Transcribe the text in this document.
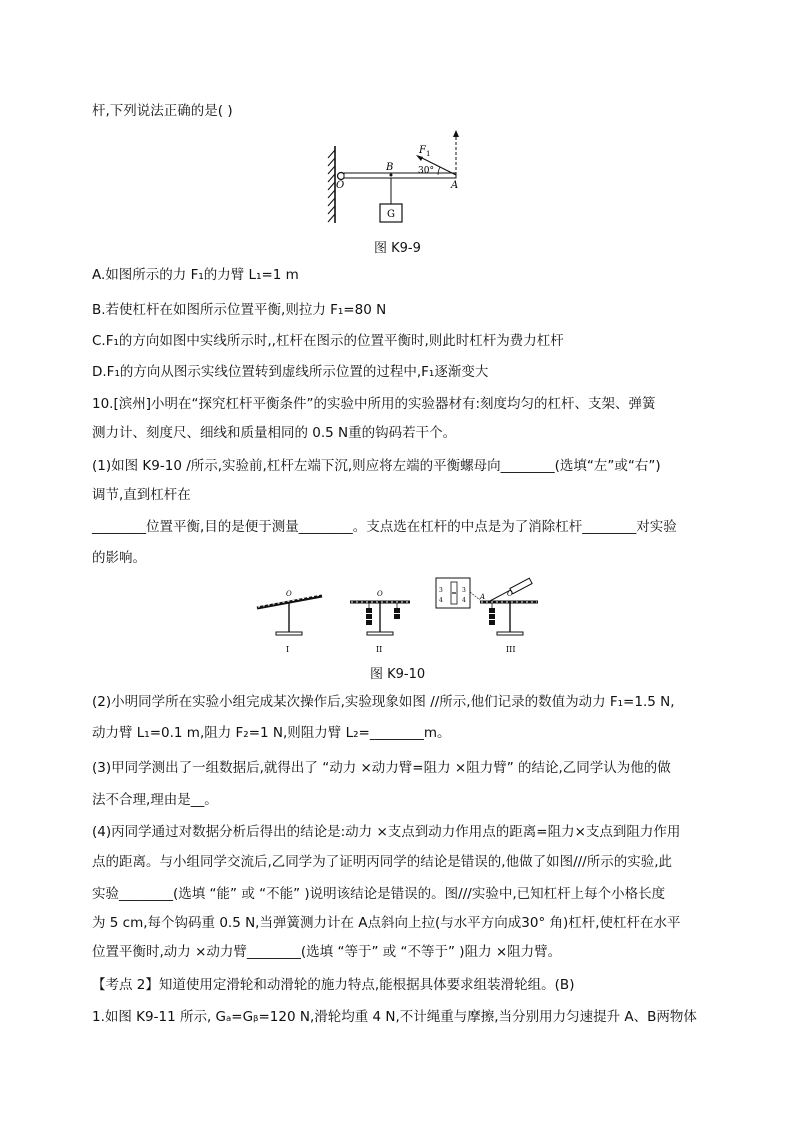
杆,下列说法正确的是( )
O
B
A
F 1
30°
G
图 K9-9
A.如图所示的力 F₁的力臂 L₁=1 m
B.若使杠杆在如图所示位置平衡,则拉力 F₁=80 N
C.F₁的方向如图中实线所示时,,杠杆在图示的位置平衡时,则此时杠杆为费力杠杆
D.F₁的方向从图示实线位置转到虚线所示位置的过程中,F₁逐渐变大
10.[滨州]小明在“探究杠杆平衡条件”的实验中所用的实验器材有:刻度均匀的杠杆、支架、弹簧
测力计、刻度尺、细线和质量相同的 0.5 N重的钩码若干个。
(1)如图 K9-10 /所示,实验前,杠杆左端下沉,则应将左端的平衡螺母向________(选填“左”或“右”)
调节,直到杠杆在
________位置平衡,目的是便于测量________。支点选在杠杆的中点是为了消除杠杆________对实验
的影响。
O
I
O
II
3
4
3
4 A	O
III
图 K9-10
(2)小明同学所在实验小组完成某次操作后,实验现象如图 //所示,他们记录的数值为动力 F₁=1.5 N,
动力臂 L₁=0.1 m,阻力 F₂=1 N,则阻力臂 L₂=________m。
(3)甲同学测出了一组数据后,就得出了 “动力 ×动力臂=阻力 ×阻力臂” 的结论,乙同学认为他的做
法不合理,理由是__。
(4)丙同学通过对数据分析后得出的结论是:动力 ×支点到动力作用点的距离=阻力×支点到阻力作用
点的距离。与小组同学交流后,乙同学为了证明丙同学的结论是错误的,他做了如图///所示的实验,此
实验________(选填 “能” 或 “不能” )说明该结论是错误的。图///实验中,已知杠杆上每个小格长度
为 5 cm,每个钩码重 0.5 N,当弹簧测力计在 A点斜向上拉(与水平方向成30° 角)杠杆,使杠杆在水平
位置平衡时,动力 ×动力臂________(选填 “等于” 或 “不等于” )阻力 ×阻力臂。
【考点 2】知道使用定滑轮和动滑轮的施力特点,能根据具体要求组装滑轮组。(B)
1.如图 K9-11 所示, Gₐ=Gᵦ=120 N,滑轮均重 4 N,不计绳重与摩擦,当分别用力匀速提升 A、B两物体
